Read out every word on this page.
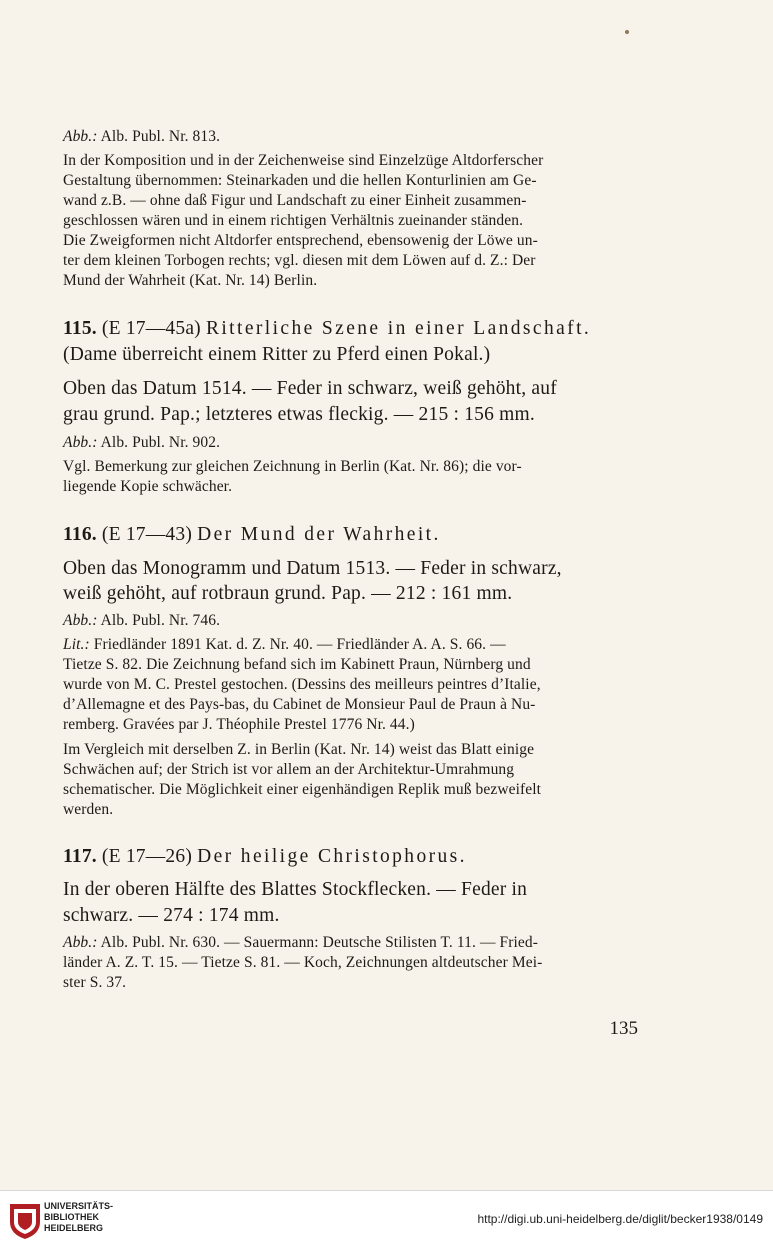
Abb.: Alb. Publ. Nr. 813.

In der Komposition und in der Zeichenweise sind Einzelzüge Altdorferscher

Gestaltung übernommen: Steinarkaden und die hellen Konturlinien am Ge-

wand z.B. — ohne daß Figur und Landschaft zu einer Einheit zusammen-

geschlossen wären und in einem richtigen Verhältnis zueinander ständen.

Die Zweigformen nicht Altdorfer entsprechend, ebensowenig der Löwe un-

ter dem kleinen Torbogen rechts; vgl. diesen mit dem Löwen auf d. Z.: Der

Mund der Wahrheit (Kat. Nr. 14) Berlin.

115. (E 17—45a) Ritterliche Szene in einer Landschaft.

(Dame überreicht einem Ritter zu Pferd einen Pokal.)

Oben das Datum 1514. — Feder in schwarz, weiß gehöht, auf

grau grund. Pap.; letzteres etwas fleckig. — 215 : 156 mm.

Abb.: Alb. Publ. Nr. 902.

Vgl. Bemerkung zur gleichen Zeichnung in Berlin (Kat. Nr. 86); die vor-

liegende Kopie schwächer.

116. (E 17—43) Der Mund der Wahrheit.

Oben das Monogramm und Datum 1513. — Feder in schwarz,

weiß gehöht, auf rotbraun grund. Pap. — 212 : 161 mm.

Abb.: Alb. Publ. Nr. 746.

Lit.: Friedländer 1891 Kat. d. Z. Nr. 40. — Friedländer A. A. S. 66. —

Tietze S. 82. Die Zeichnung befand sich im Kabinett Praun, Nürnberg und

wurde von M. C. Prestel gestochen. (Dessins des meilleurs peintres d’Italie,

d’Allemagne et des Pays-bas, du Cabinet de Monsieur Paul de Praun à Nu-

remberg. Gravées par J. Théophile Prestel 1776 Nr. 44.)

Im Vergleich mit derselben Z. in Berlin (Kat. Nr. 14) weist das Blatt einige

Schwächen auf; der Strich ist vor allem an der Architektur-Umrahmung

schematischer. Die Möglichkeit einer eigenhändigen Replik muß bezweifelt

werden.

117. (E 17—26) Der heilige Christophorus.

In der oberen Hälfte des Blattes Stockflecken. — Feder in

schwarz. — 274 : 174 mm.

Abb.: Alb. Publ. Nr. 630. — Sauermann: Deutsche Stilisten T. 11. — Fried-

länder A. Z. T. 15. — Tietze S. 81. — Koch, Zeichnungen altdeutscher Mei-

ster S. 37.

135
UNIVERSITÄTS-
BIBLIOTHEK
HEIDELBERG
http://digi.ub.uni-heidelberg.de/diglit/becker1938/0149
